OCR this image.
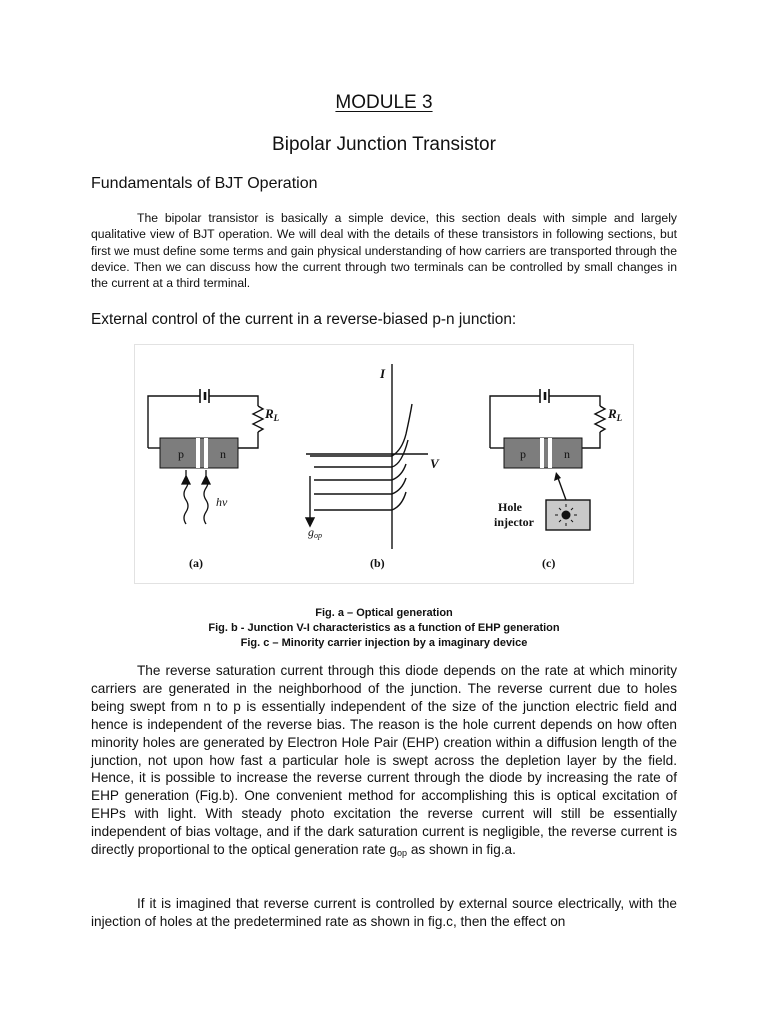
MODULE 3
Bipolar Junction Transistor
Fundamentals of BJT Operation
The bipolar transistor is basically a simple device, this section deals with simple and largely qualitative view of BJT operation. We will deal with the details of these transistors in following sections, but first we must define some terms and gain physical understanding of how carriers are transported through the device. Then we can discuss how the current through two terminals can be controlled by small changes in the current at a third terminal.
External control of the current in a reverse-biased p-n junction:
p	n
$R_L$
hν
(a)
I
V
gop
(b)
p	n
$R_L$
Hole
injector
(c)
Fig. a – Optical generation
Fig. b - Junction V-I characteristics as a function of EHP generation
Fig. c – Minority carrier injection by a imaginary device
The reverse saturation current through this diode depends on the rate at which minority carriers are generated in the neighborhood of the junction. The reverse current due to holes being swept from n to p is essentially independent of the size of the junction electric field and hence is independent of the reverse bias. The reason is the hole current depends on how often minority holes are generated by Electron Hole Pair (EHP) creation within a diffusion length of the junction, not upon how fast a particular hole is swept across the depletion layer by the field. Hence, it is possible to increase the reverse current through the diode by increasing the rate of EHP generation (Fig.b). One convenient method for accomplishing this is optical excitation of EHPs with light. With steady photo excitation the reverse current will still be essentially independent of bias voltage, and if the dark saturation current is negligible, the reverse current is directly proportional to the optical generation rate $g_{op}$ as shown in fig.a.
If it is imagined that reverse current is controlled by external source electrically, with the injection of holes at the predetermined rate as shown in fig.c, then the effect on
